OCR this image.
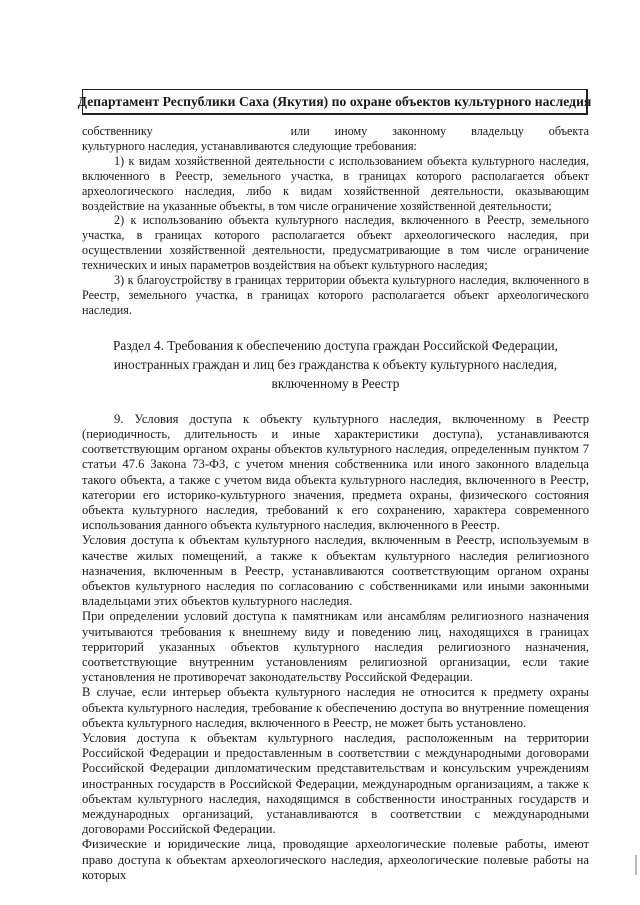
Департамент Республики Саха (Якутия) по охране объектов культурного наследия

собственнику	или иному законному владельцу объекта

культурного наследия, устанавливаются следующие требования:

1) к видам хозяйственной деятельности с использованием объекта культурного наследия, включенного в Реестр, земельного участка, в границах которого располагается объект археологического наследия, либо к видам хозяйственной деятельности, оказывающим воздействие на указанные объекты, в том числе ограничение хозяйственной деятельности;

2) к использованию объекта культурного наследия, включенного в Реестр, земельного участка, в границах которого располагается объект археологического наследия, при осуществлении хозяйственной деятельности, предусматривающие в том числе ограничение технических и иных параметров воздействия на объект культурного наследия;

3) к благоустройству в границах территории объекта культурного наследия, включенного в Реестр, земельного участка, в границах которого располагается объект археологического наследия.

Раздел 4. Требования к обеспечению доступа граждан Российской Федерации,
иностранных граждан и лиц без гражданства к объекту культурного наследия,
включенному в Реестр

9. Условия доступа к объекту культурного наследия, включенному в Реестр (периодичность, длительность и иные характеристики доступа), устанавливаются соответствующим органом охраны объектов культурного наследия, определенным пунктом 7 статьи 47.6 Закона 73-ФЗ, с учетом мнения собственника или иного законного владельца такого объекта, а также с учетом вида объекта культурного наследия, включенного в Реестр, категории его историко-культурного значения, предмета охраны, физического состояния объекта культурного наследия, требований к его сохранению, характера современного использования данного объекта культурного наследия, включенного в Реестр.

Условия доступа к объектам культурного наследия, включенным в Реестр, используемым в качестве жилых помещений, а также к объектам культурного наследия религиозного назначения, включенным в Реестр, устанавливаются соответствующим органом охраны объектов культурного наследия по согласованию с собственниками или иными законными владельцами этих объектов культурного наследия.

При определении условий доступа к памятникам или ансамблям религиозного назначения учитываются требования к внешнему виду и поведению лиц, находящихся в границах территорий указанных объектов культурного наследия религиозного назначения, соответствующие внутренним установлениям религиозной организации, если такие установления не противоречат законодательству Российской Федерации.

В случае, если интерьер объекта культурного наследия не относится к предмету охраны объекта культурного наследия, требование к обеспечению доступа во внутренние помещения объекта культурного наследия, включенного в Реестр, не может быть установлено.

Условия доступа к объектам культурного наследия, расположенным на территории Российской Федерации и предоставленным в соответствии с международными договорами Российской Федерации дипломатическим представительствам и консульским учреждениям иностранных государств в Российской Федерации, международным организациям, а также к объектам культурного наследия, находящимся в собственности иностранных государств и международных организаций, устанавливаются в соответствии с международными договорами Российской Федерации.

Физические и юридические лица, проводящие археологические полевые работы, имеют право доступа к объектам археологического наследия, археологические полевые работы на которых
